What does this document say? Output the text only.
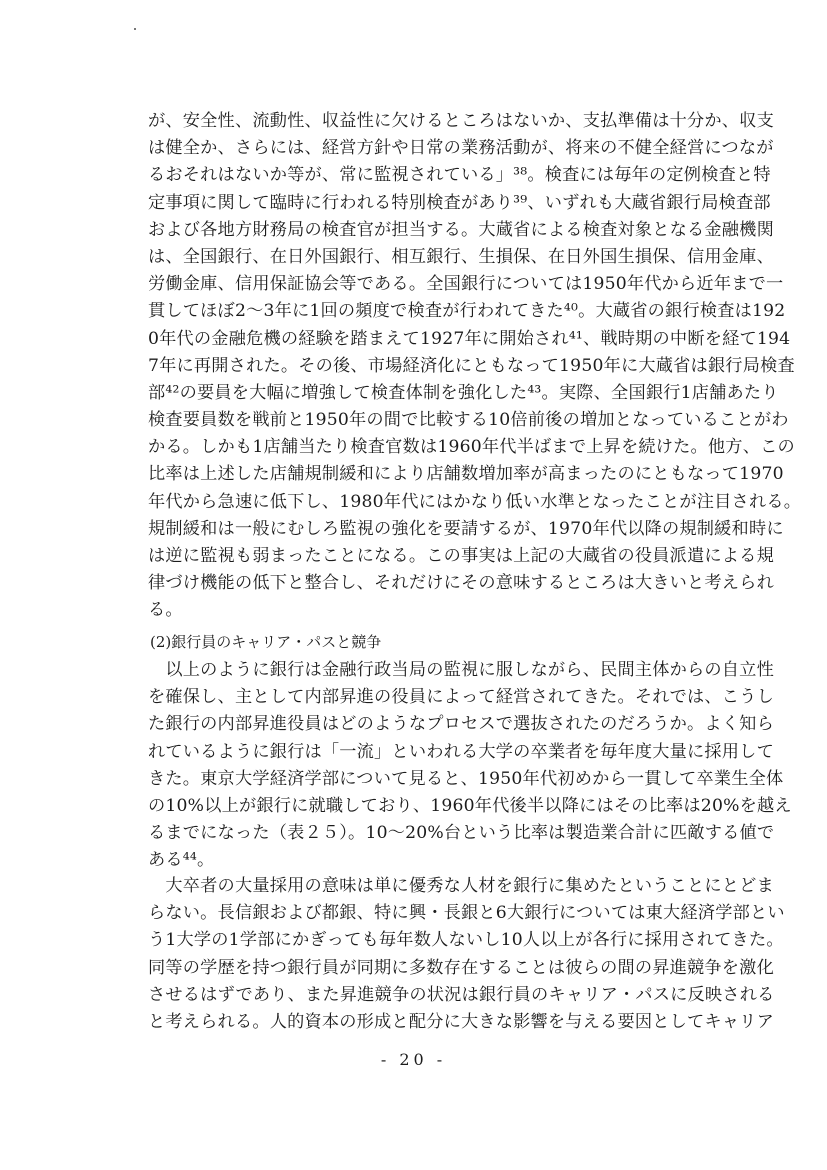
が、安全性、流動性、収益性に欠けるところはないか、支払準備は十分か、収支
は健全か、さらには、経営方針や日常の業務活動が、将来の不健全経営につなが
るおそれはないか等が、常に監視されている」³⁸。検査には毎年の定例検査と特
定事項に関して臨時に行われる特別検査があり³⁹、いずれも大蔵省銀行局検査部
および各地方財務局の検査官が担当する。大蔵省による検査対象となる金融機関
は、全国銀行、在日外国銀行、相互銀行、生損保、在日外国生損保、信用金庫、
労働金庫、信用保証協会等である。全国銀行については1950年代から近年まで一
貫してほぼ2〜3年に1回の頻度で検査が行われてきた⁴⁰。大蔵省の銀行検査は192
0年代の金融危機の経験を踏まえて1927年に開始され⁴¹、戦時期の中断を経て194
7年に再開された。その後、市場経済化にともなって1950年に大蔵省は銀行局検査
部⁴²の要員を大幅に増強して検査体制を強化した⁴³。実際、全国銀行1店舗あたり
検査要員数を戦前と1950年の間で比較する10倍前後の増加となっていることがわ
かる。しかも1店舗当たり検査官数は1960年代半ばまで上昇を続けた。他方、この
比率は上述した店舗規制緩和により店舗数増加率が高まったのにともなって1970
年代から急速に低下し、1980年代にはかなり低い水準となったことが注目される。
規制緩和は一般にむしろ監視の強化を要請するが、1970年代以降の規制緩和時に
は逆に監視も弱まったことになる。この事実は上記の大蔵省の役員派遣による規
律づけ機能の低下と整合し、それだけにその意味するところは大きいと考えられ
る。
(2)銀行員のキャリア・パスと競争
　以上のように銀行は金融行政当局の監視に服しながら、民間主体からの自立性
を確保し、主として内部昇進の役員によって経営されてきた。それでは、こうし
た銀行の内部昇進役員はどのようなプロセスで選抜されたのだろうか。よく知ら
れているように銀行は「一流」といわれる大学の卒業者を毎年度大量に採用して
きた。東京大学経済学部について見ると、1950年代初めから一貫して卒業生全体
の10%以上が銀行に就職しており、1960年代後半以降にはその比率は20%を越え
るまでになった（表２５）。10〜20%台という比率は製造業合計に匹敵する値で
ある⁴⁴。
　大卒者の大量採用の意味は単に優秀な人材を銀行に集めたということにとどま
らない。長信銀および都銀、特に興・長銀と6大銀行については東大経済学部とい
う1大学の1学部にかぎっても毎年数人ないし10人以上が各行に採用されてきた。
同等の学歴を持つ銀行員が同期に多数存在することは彼らの間の昇進競争を激化
させるはずであり、また昇進競争の状況は銀行員のキャリア・パスに反映される
と考えられる。人的資本の形成と配分に大きな影響を与える要因としてキャリア
- 20 -
